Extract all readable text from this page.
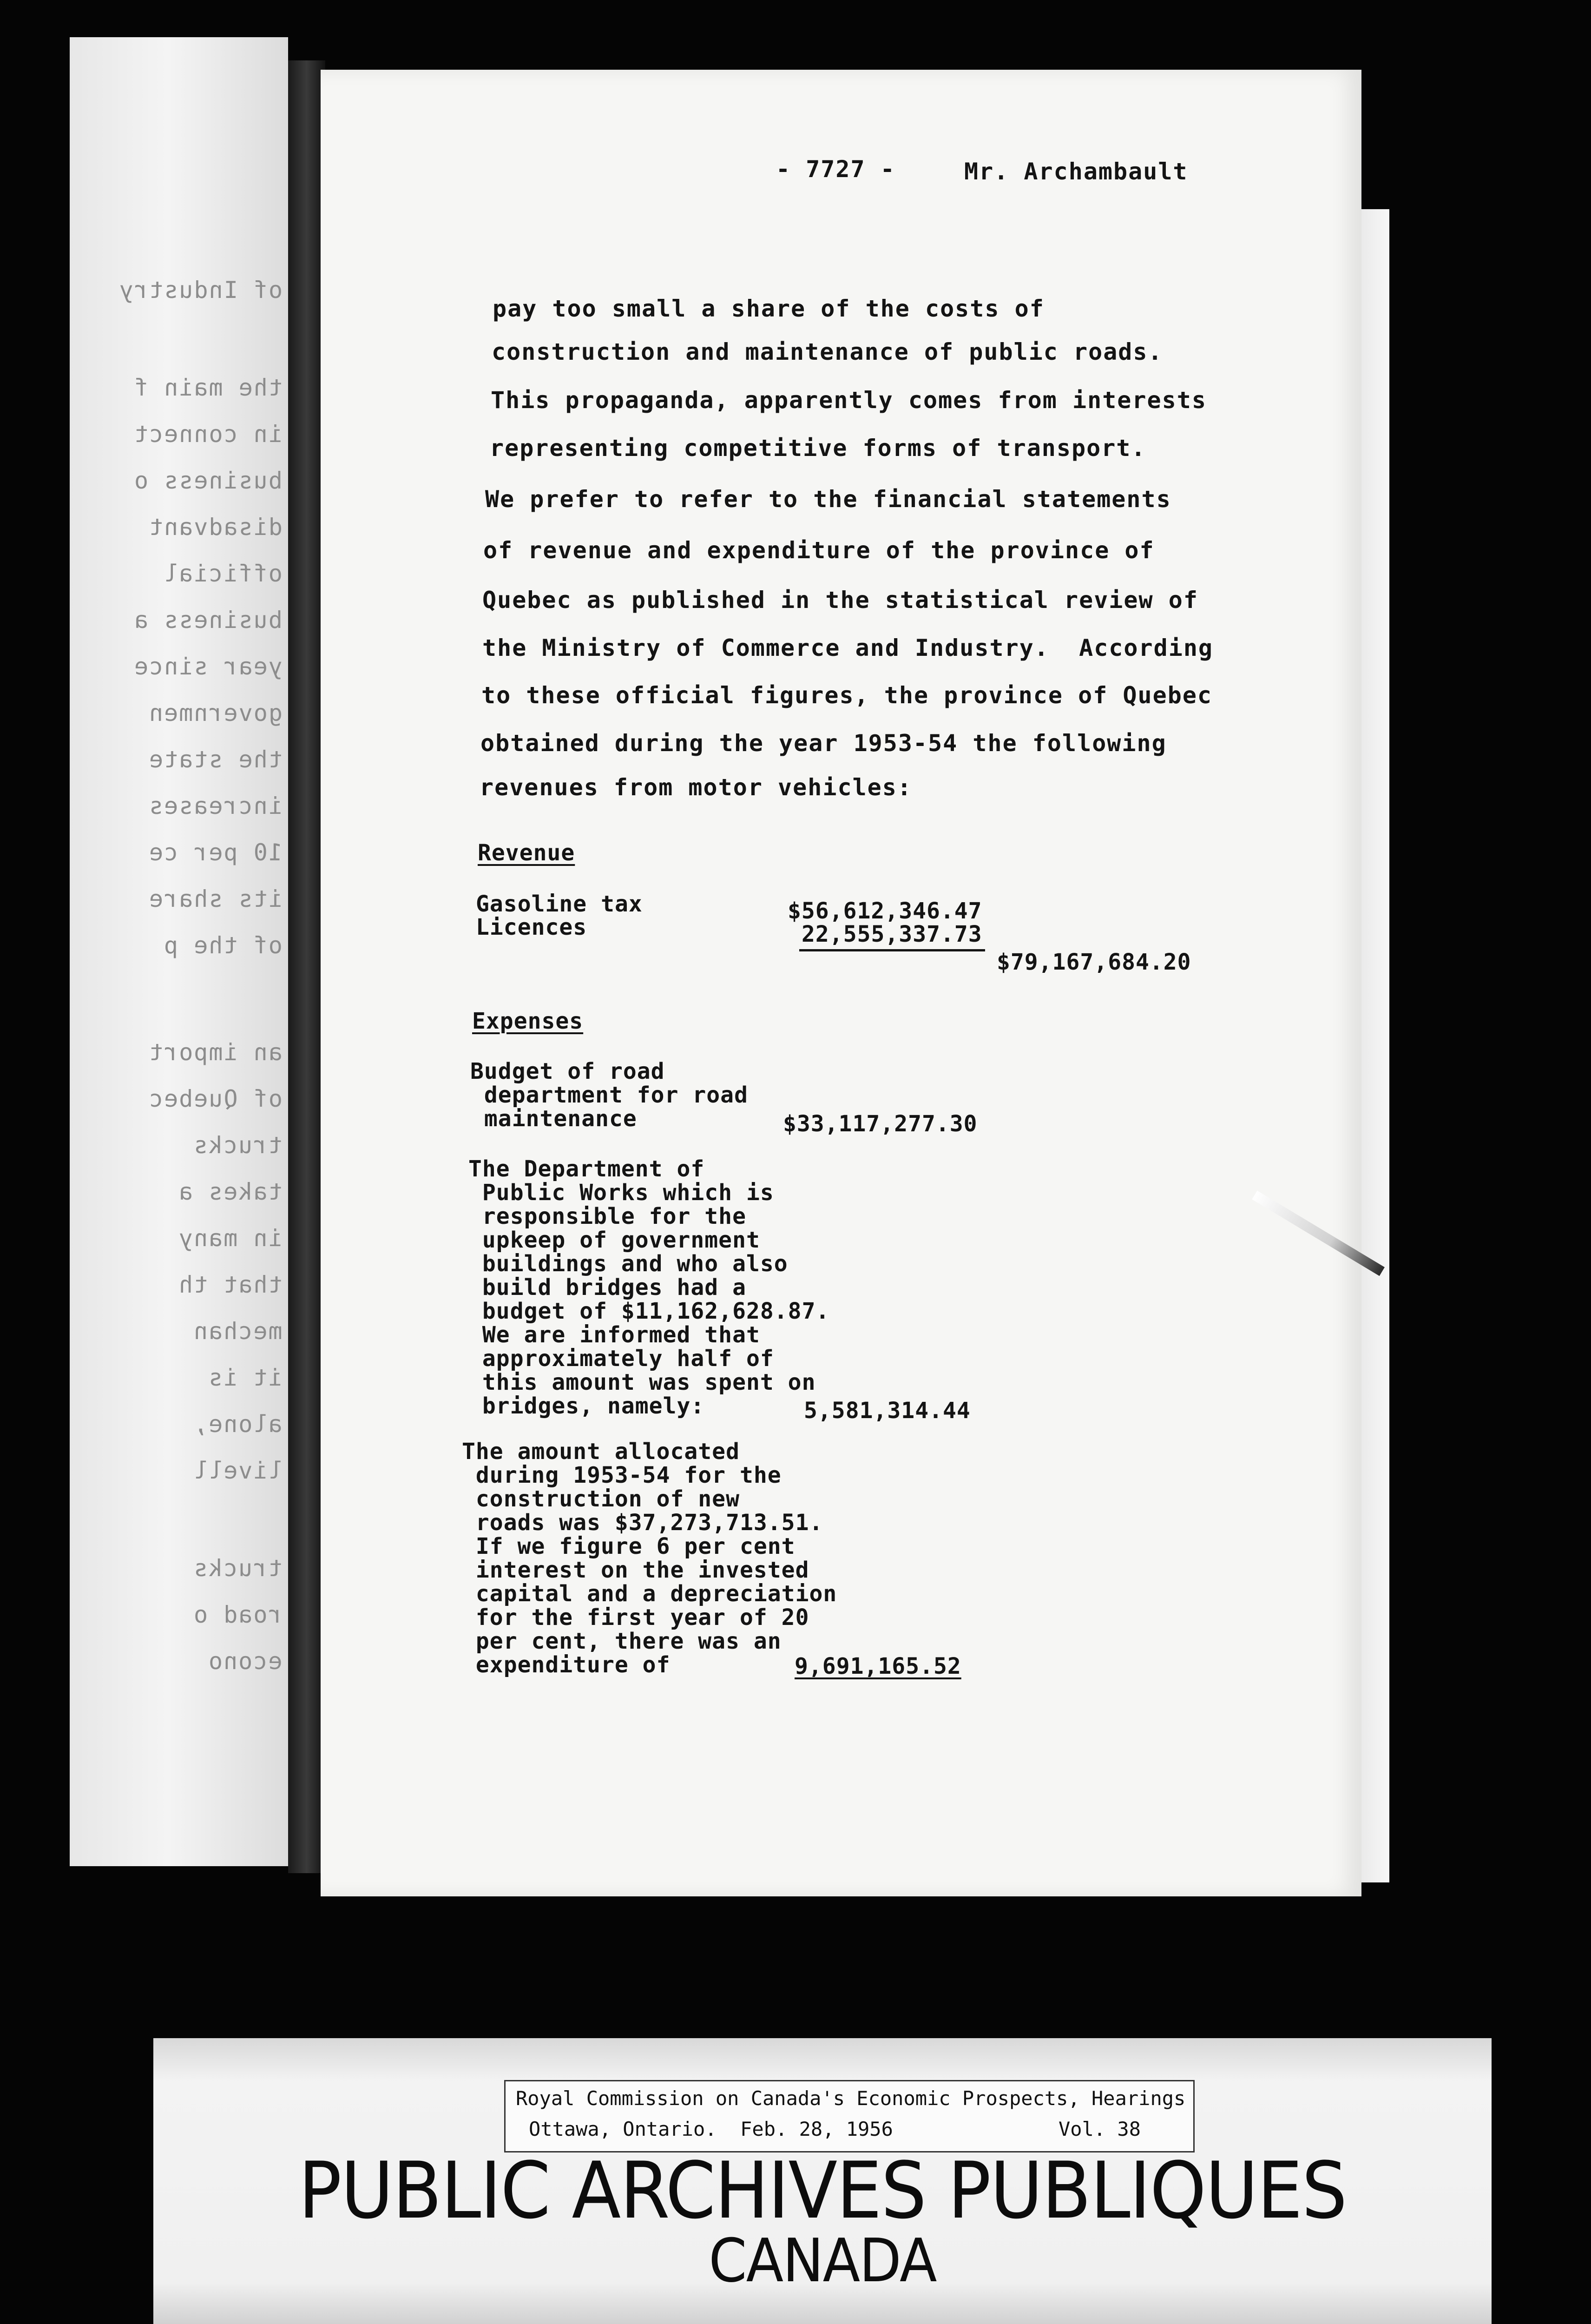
of Industry
the main f
in connect
business o
disadvant
official
business a
year since
governmen
the state
increases
10 per ce
its share
of the p
an import
of Quebec
trucks
takes a
in many
that th
mechan
it is
alone,
livell
trucks
road o
econo
- 7727 -	Mr. Archambault
pay too small a share of the costs of
construction and maintenance of public roads.
This propaganda, apparently comes from interests
representing competitive forms of transport.
We prefer to refer to the financial statements
of revenue and expenditure of the province of
Quebec as published in the statistical review of
the Ministry of Commerce and Industry.  According
to these official figures, the province of Quebec
obtained during the year 1953-54 the following
revenues from motor vehicles:
Revenue
Gasoline tax	$56,612,346.47
Licences	22,555,337.73
$79,167,684.20
Expenses
Budget of road
department for road
maintenance	$33,117,277.30
The Department of
Public Works which is
responsible for the
upkeep of government
buildings and who also
build bridges had a
budget of $11,162,628.87.
We are informed that
approximately half of
this amount was spent on
bridges, namely:	5,581,314.44
The amount allocated
during 1953-54 for the
construction of new
roads was $37,273,713.51.
If we figure 6 per cent
interest on the invested
capital and a depreciation
for the first year of 20
per cent, there was an
expenditure of	9,691,165.52
Royal Commission on Canada's Economic Prospects, Hearings
Ottawa, Ontario.  Feb. 28, 1956	Vol. 38
PUBLIC ARCHIVES PUBLIQUES
CANADA
